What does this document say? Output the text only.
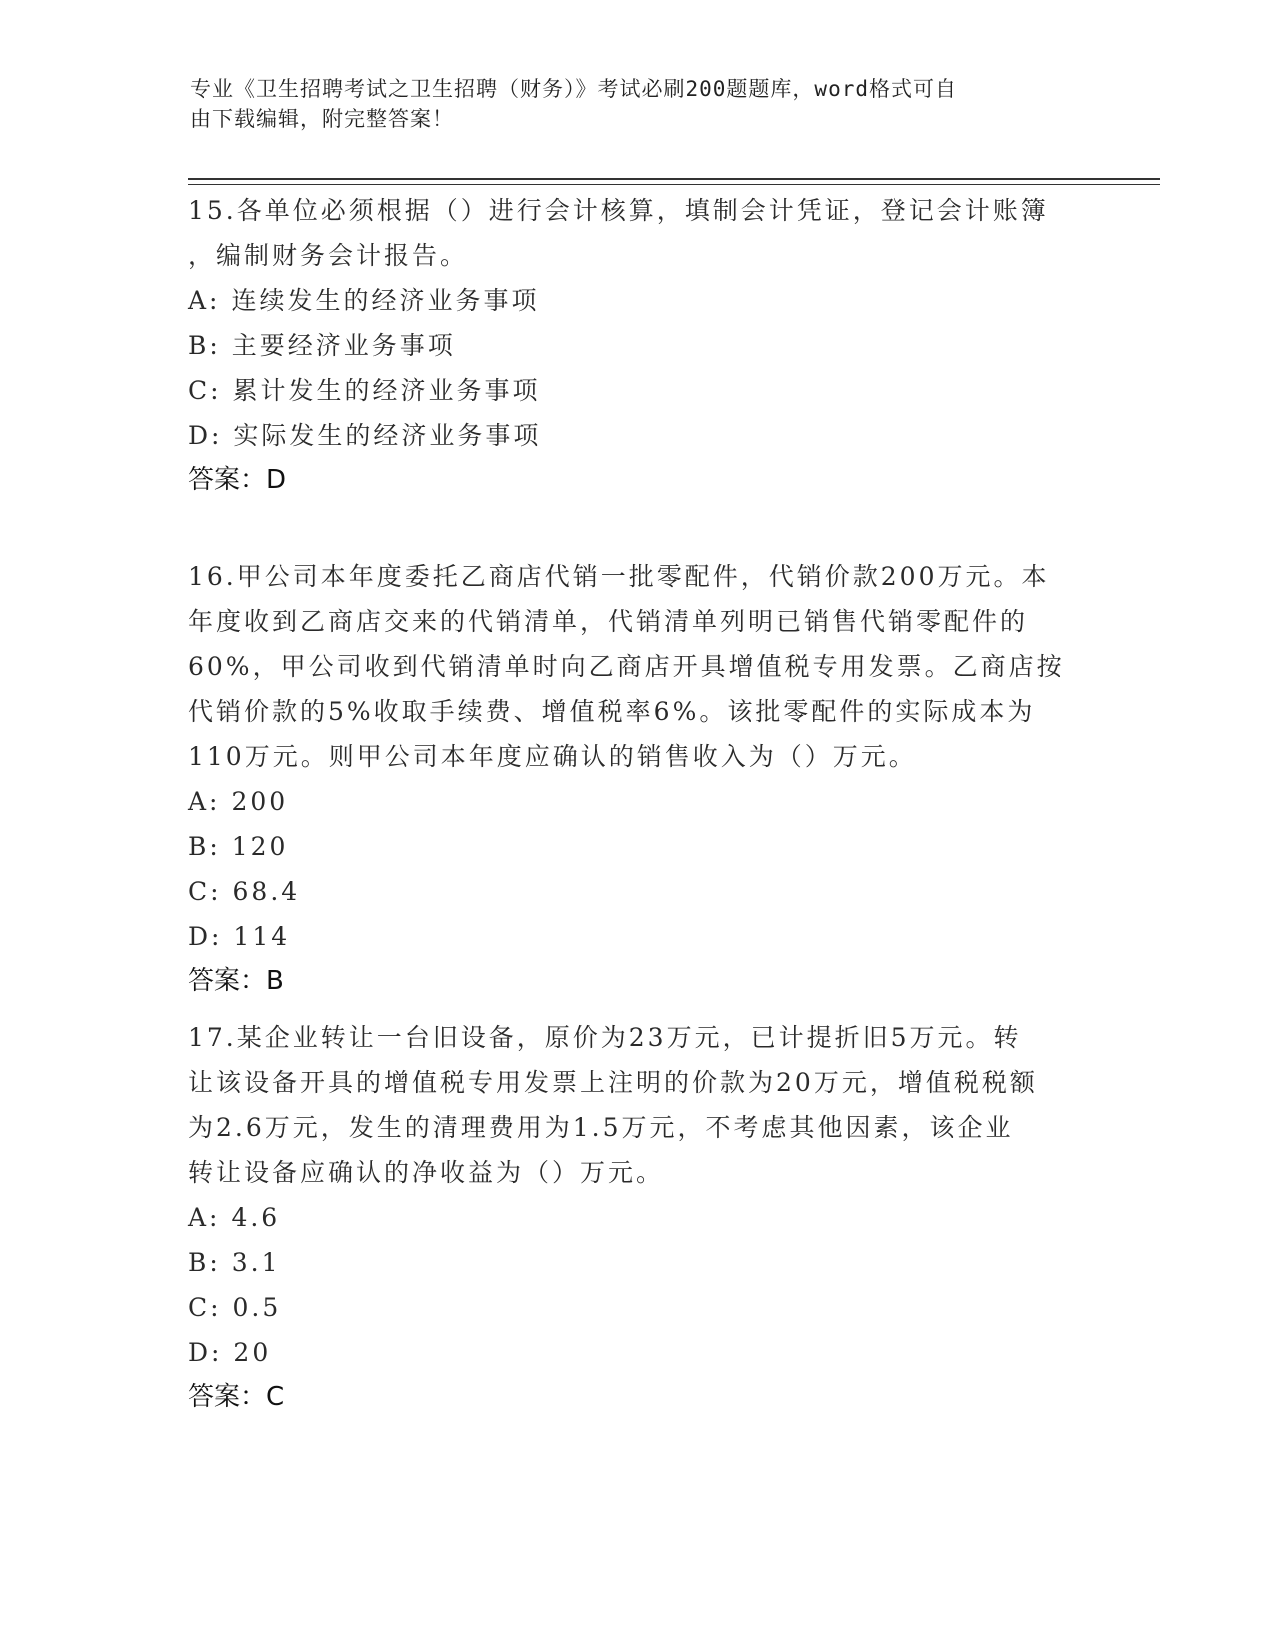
专业《卫生招聘考试之卫生招聘（财务）》考试必刷200题题库，word格式可自
由下载编辑，附完整答案！

15.各单位必须根据（）进行会计核算，填制会计凭证，登记会计账簿

，编制财务会计报告。

A: 连续发生的经济业务事项

B: 主要经济业务事项

C: 累计发生的经济业务事项

D: 实际发生的经济业务事项

答案：D

16.甲公司本年度委托乙商店代销一批零配件，代销价款200万元。本

年度收到乙商店交来的代销清单，代销清单列明已销售代销零配件的

60%，甲公司收到代销清单时向乙商店开具增值税专用发票。乙商店按

代销价款的5%收取手续费、增值税率6%。该批零配件的实际成本为

110万元。则甲公司本年度应确认的销售收入为（）万元。

A: 200

B: 120

C: 68.4

D: 114

答案：B

17.某企业转让一台旧设备，原价为23万元，已计提折旧5万元。转

让该设备开具的增值税专用发票上注明的价款为20万元，增值税税额

为2.6万元，发生的清理费用为1.5万元，不考虑其他因素，该企业

转让设备应确认的净收益为（）万元。

A: 4.6

B: 3.1

C: 0.5

D: 20

答案：C
